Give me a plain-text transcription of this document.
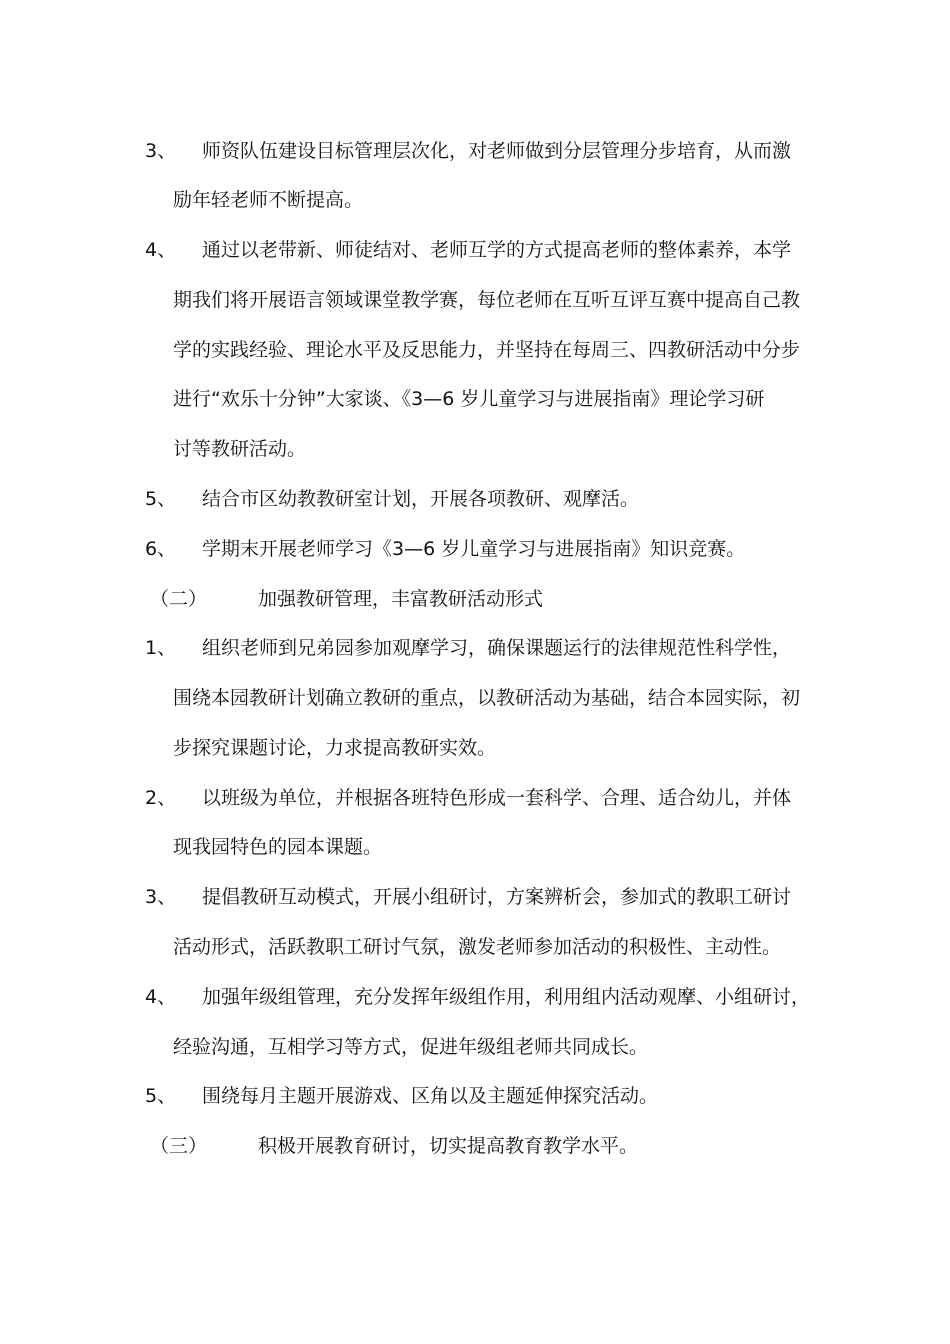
3、 师资队伍建设目标管理层次化，对老师做到分层管理分步培育，从而激
励年轻老师不断提高。
4、 通过以老带新、师徒结对、老师互学的方式提高老师的整体素养，本学
期我们将开展语言领域课堂教学赛，每位老师在互听互评互赛中提高自己教
学的实践经验、理论水平及反思能力，并坚持在每周三、四教研活动中分步
进行“欢乐十分钟”大家谈、《3—6 岁儿童学习与进展指南》理论学习研
讨等教研活动。
5、 结合市区幼教教研室计划，开展各项教研、观摩活。
6、 学期末开展老师学习《3—6 岁儿童学习与进展指南》知识竞赛。
（二）	加强教研管理，丰富教研活动形式
1、 组织老师到兄弟园参加观摩学习，确保课题运行的法律规范性科学性，
围绕本园教研计划确立教研的重点，以教研活动为基础，结合本园实际，初
步探究课题讨论，力求提高教研实效。
2、 以班级为单位，并根据各班特色形成一套科学、合理、适合幼儿，并体
现我园特色的园本课题。
3、 提倡教研互动模式，开展小组研讨，方案辨析会，参加式的教职工研讨
活动形式，活跃教职工研讨气氛，激发老师参加活动的积极性、主动性。
4、 加强年级组管理，充分发挥年级组作用，利用组内活动观摩、小组研讨，
经验沟通，互相学习等方式，促进年级组老师共同成长。
5、 围绕每月主题开展游戏、区角以及主题延伸探究活动。
（三）	积极开展教育研讨，切实提高教育教学水平。
